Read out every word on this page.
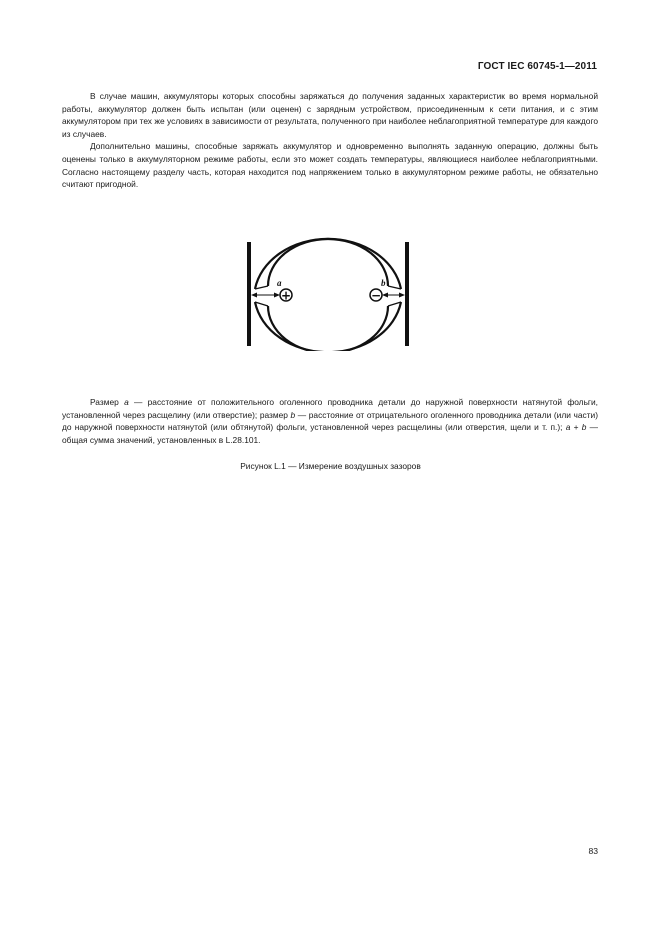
ГОСТ IEC 60745-1—2011

В случае машин, аккумуляторы которых способны заряжаться до получения заданных характеристик во время нормальной работы, аккумулятор должен быть испытан (или оценен) с зарядным устройством, присоединенным к сети питания, и с этим аккумулятором при тех же условиях в зависимости от результата, полученного при наиболее неблагоприятной температуре для каждого из случаев.

Дополнительно машины, способные заряжать аккумулятор и одновременно выполнять заданную операцию, должны быть оценены только в аккумуляторном режиме работы, если это может создать температуры, являющиеся наиболее неблагоприятными. Согласно настоящему разделу часть, которая находится под напряжением только в аккумуляторном режиме работы, не обязательно считают пригодной.

+	−
a	b

Размер a — расстояние от положительного оголенного проводника детали до наружной поверхности натянутой фольги, установленной через расщелину (или отверстие); размер b — расстояние от отрицательного оголенного проводника детали (или части) до наружной поверхности натянутой (или обтянутой) фольги, установленной через расщелины (или отверстия, щели и т. п.); a + b — общая сумма значений, установленных в L.28.101.

Рисунок L.1 — Измерение воздушных зазоров
83
